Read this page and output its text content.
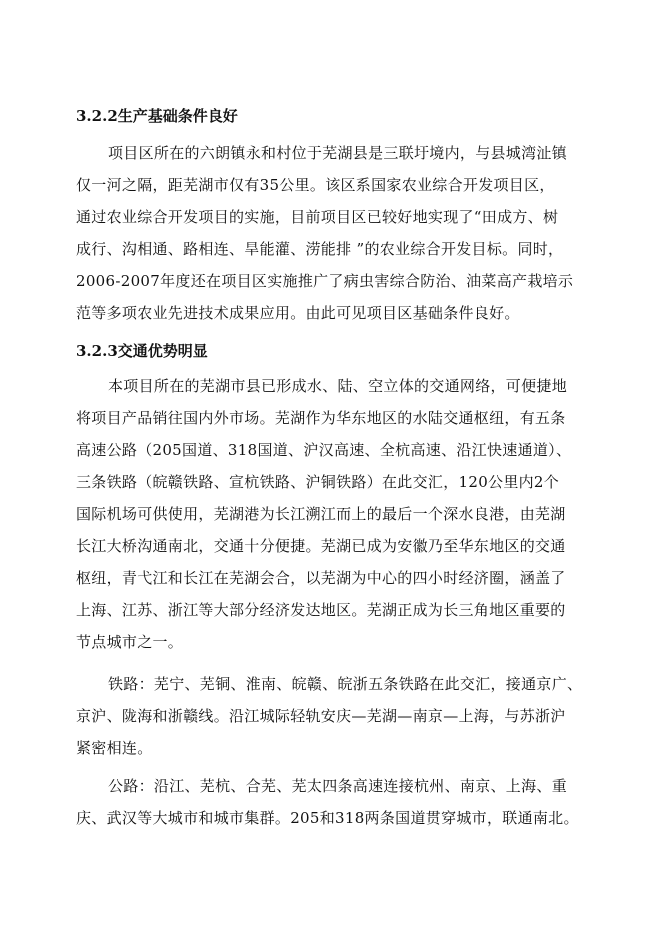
3.2.2生产基础条件良好
项目区所在的六朗镇永和村位于芜湖县是三联圩境内，与县城湾沚镇
仅一河之隔，距芜湖市仅有35公里。该区系国家农业综合开发项目区，
通过农业综合开发项目的实施，目前项目区已较好地实现了“田成方、树
成行、沟相通、路相连、旱能灌、涝能排 ”的农业综合开发目标。同时，
2006-2007年度还在项目区实施推广了病虫害综合防治、油菜高产栽培示
范等多项农业先进技术成果应用。由此可见项目区基础条件良好。
3.2.3交通优势明显
本项目所在的芜湖市县已形成水、陆、空立体的交通网络，可便捷地
将项目产品销往国内外市场。芜湖作为华东地区的水陆交通枢纽，有五条
高速公路（205国道、318国道、沪汉高速、全杭高速、沿江快速通道）、
三条铁路（皖赣铁路、宣杭铁路、沪铜铁路）在此交汇，120公里内2个
国际机场可供使用，芜湖港为长江溯江而上的最后一个深水良港，由芜湖
长江大桥沟通南北，交通十分便捷。芜湖已成为安徽乃至华东地区的交通
枢纽，青弋江和长江在芜湖会合，以芜湖为中心的四小时经济圈，涵盖了
上海、江苏、浙江等大部分经济发达地区。芜湖正成为长三角地区重要的
节点城市之一。
铁路：芜宁、芜铜、淮南、皖赣、皖浙五条铁路在此交汇，接通京广、
京沪、陇海和浙赣线。沿江城际轻轨安庆—芜湖—南京—上海，与苏浙沪
紧密相连。
公路：沿江、芜杭、合芜、芜太四条高速连接杭州、南京、上海、重
庆、武汉等大城市和城市集群。205和318两条国道贯穿城市，联通南北。
